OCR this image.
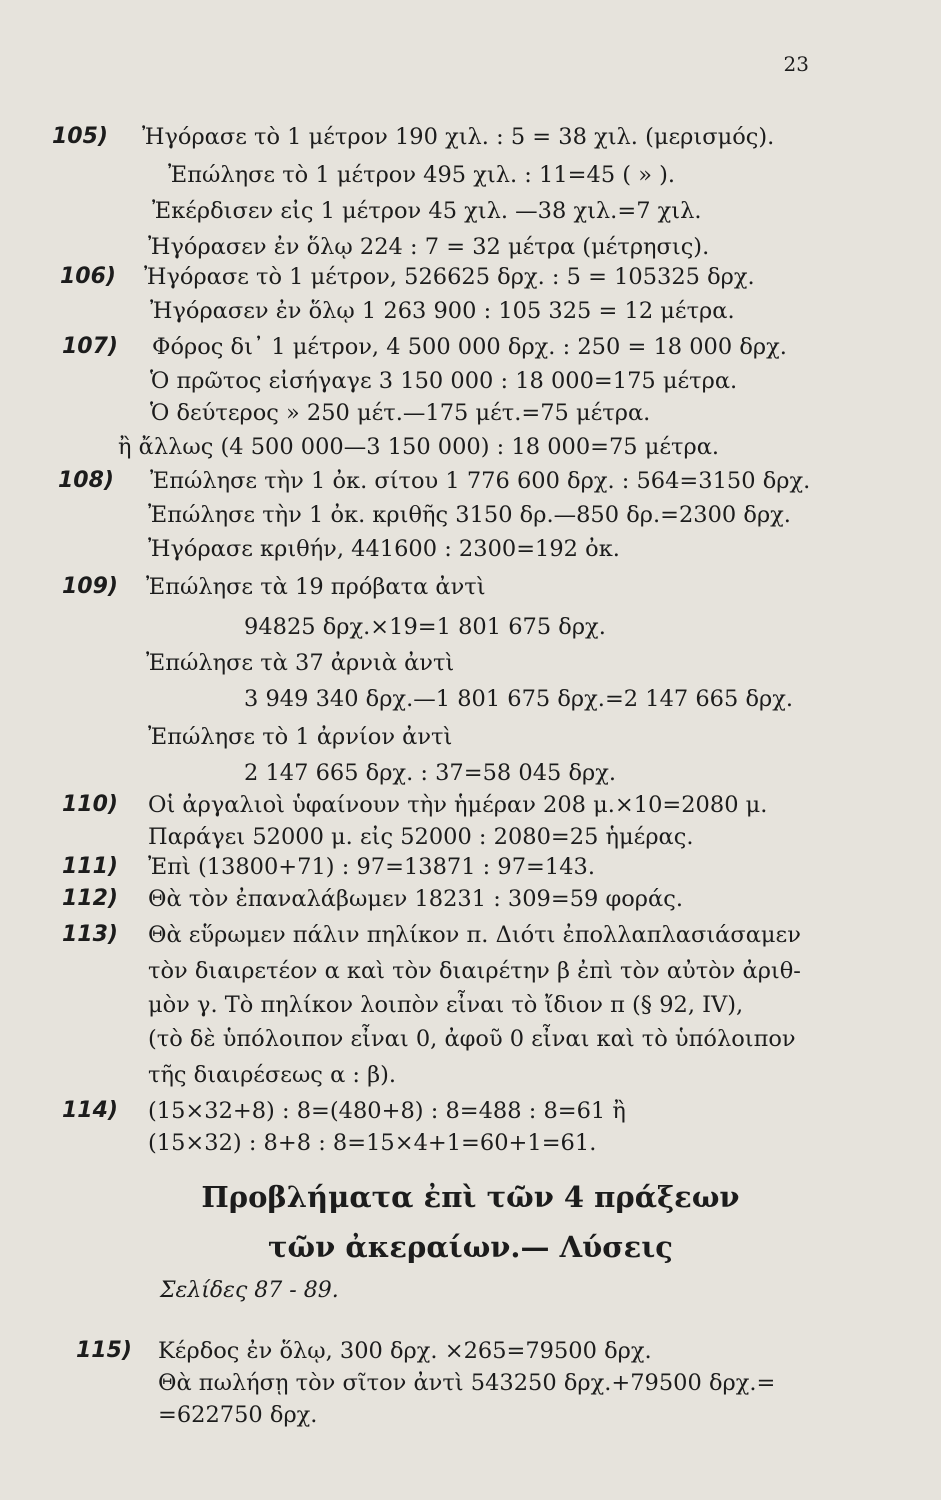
23
105) Ἠγόρασε τὸ 1 μέτρον 190 χιλ. : 5 = 38 χιλ. (μερισμός).
Ἐπώλησε τὸ 1 μέτρον 495 χιλ. : 11=45 ( » ).
Ἐκέρδισεν εἰς 1 μέτρον 45 χιλ. —38 χιλ.=7 χιλ.
Ἠγόρασεν ἐν ὅλῳ 224 : 7 = 32 μέτρα (μέτρησις).
106) Ἠγόρασε τὸ 1 μέτρον, 526625 δρχ. : 5 = 105325 δρχ.
Ἠγόρασεν ἐν ὅλῳ 1 263 900 : 105 325 = 12 μέτρα.
107) Φόρος δι᾽ 1 μέτρον, 4 500 000 δρχ. : 250 = 18 000 δρχ.
Ὁ πρῶτος εἰσήγαγε 3 150 000 : 18 000=175 μέτρα.
Ὁ δεύτερος » 250 μέτ.—175 μέτ.=75 μέτρα.
ἢ ἄλλως (4 500 000—3 150 000) : 18 000=75 μέτρα.
108) Ἐπώλησε τὴν 1 ὀκ. σίτου 1 776 600 δρχ. : 564=3150 δρχ.
Ἐπώλησε τὴν 1 ὀκ. κριθῆς 3150 δρ.—850 δρ.=2300 δρχ.
Ἠγόρασε κριθήν, 441600 : 2300=192 ὀκ.
109) Ἐπώλησε τὰ 19 πρόβατα ἀντὶ
94825 δρχ.×19=1 801 675 δρχ.
Ἐπώλησε τὰ 37 ἀρνιὰ ἀντὶ
3 949 340 δρχ.—1 801 675 δρχ.=2 147 665 δρχ.
Ἐπώλησε τὸ 1 ἀρνίον ἀντὶ
2 147 665 δρχ. : 37=58 045 δρχ.
110) Οἱ ἀργαλιοὶ ὑφαίνουν τὴν ἡμέραν 208 μ.×10=2080 μ.
Παράγει 52000 μ. εἰς 52000 : 2080=25 ἡμέρας.
111) Ἐπὶ (13800+71) : 97=13871 : 97=143.
112) Θὰ τὸν ἐπαναλάβωμεν 18231 : 309=59 φοράς.
113) Θὰ εὕρωμεν πάλιν πηλίκον π. Διότι ἐπολλαπλασιάσαμεν
τὸν διαιρετέον α καὶ τὸν διαιρέτην β ἐπὶ τὸν αὐτὸν ἀριθ-
μὸν γ. Τὸ πηλίκον λοιπὸν εἶναι τὸ ἴδιον π (§ 92, IV),
(τὸ δὲ ὑπόλοιπον εἶναι 0, ἀφοῦ 0 εἶναι καὶ τὸ ὑπόλοιπον
τῆς διαιρέσεως α : β).
114) (15×32+8) : 8=(480+8) : 8=488 : 8=61 ἢ
(15×32) : 8+8 : 8=15×4+1=60+1=61.
115) Κέρδος ἐν ὅλῳ, 300 δρχ. ×265=79500 δρχ.
Θὰ πωλήσῃ τὸν σῖτον ἀντὶ 543250 δρχ.+79500 δρχ.=
=622750 δρχ.
Προβλήματα ἐπὶ τῶν 4 πράξεων
τῶν ἀκεραίων.— Λύσεις
Σελίδες 87 - 89.
